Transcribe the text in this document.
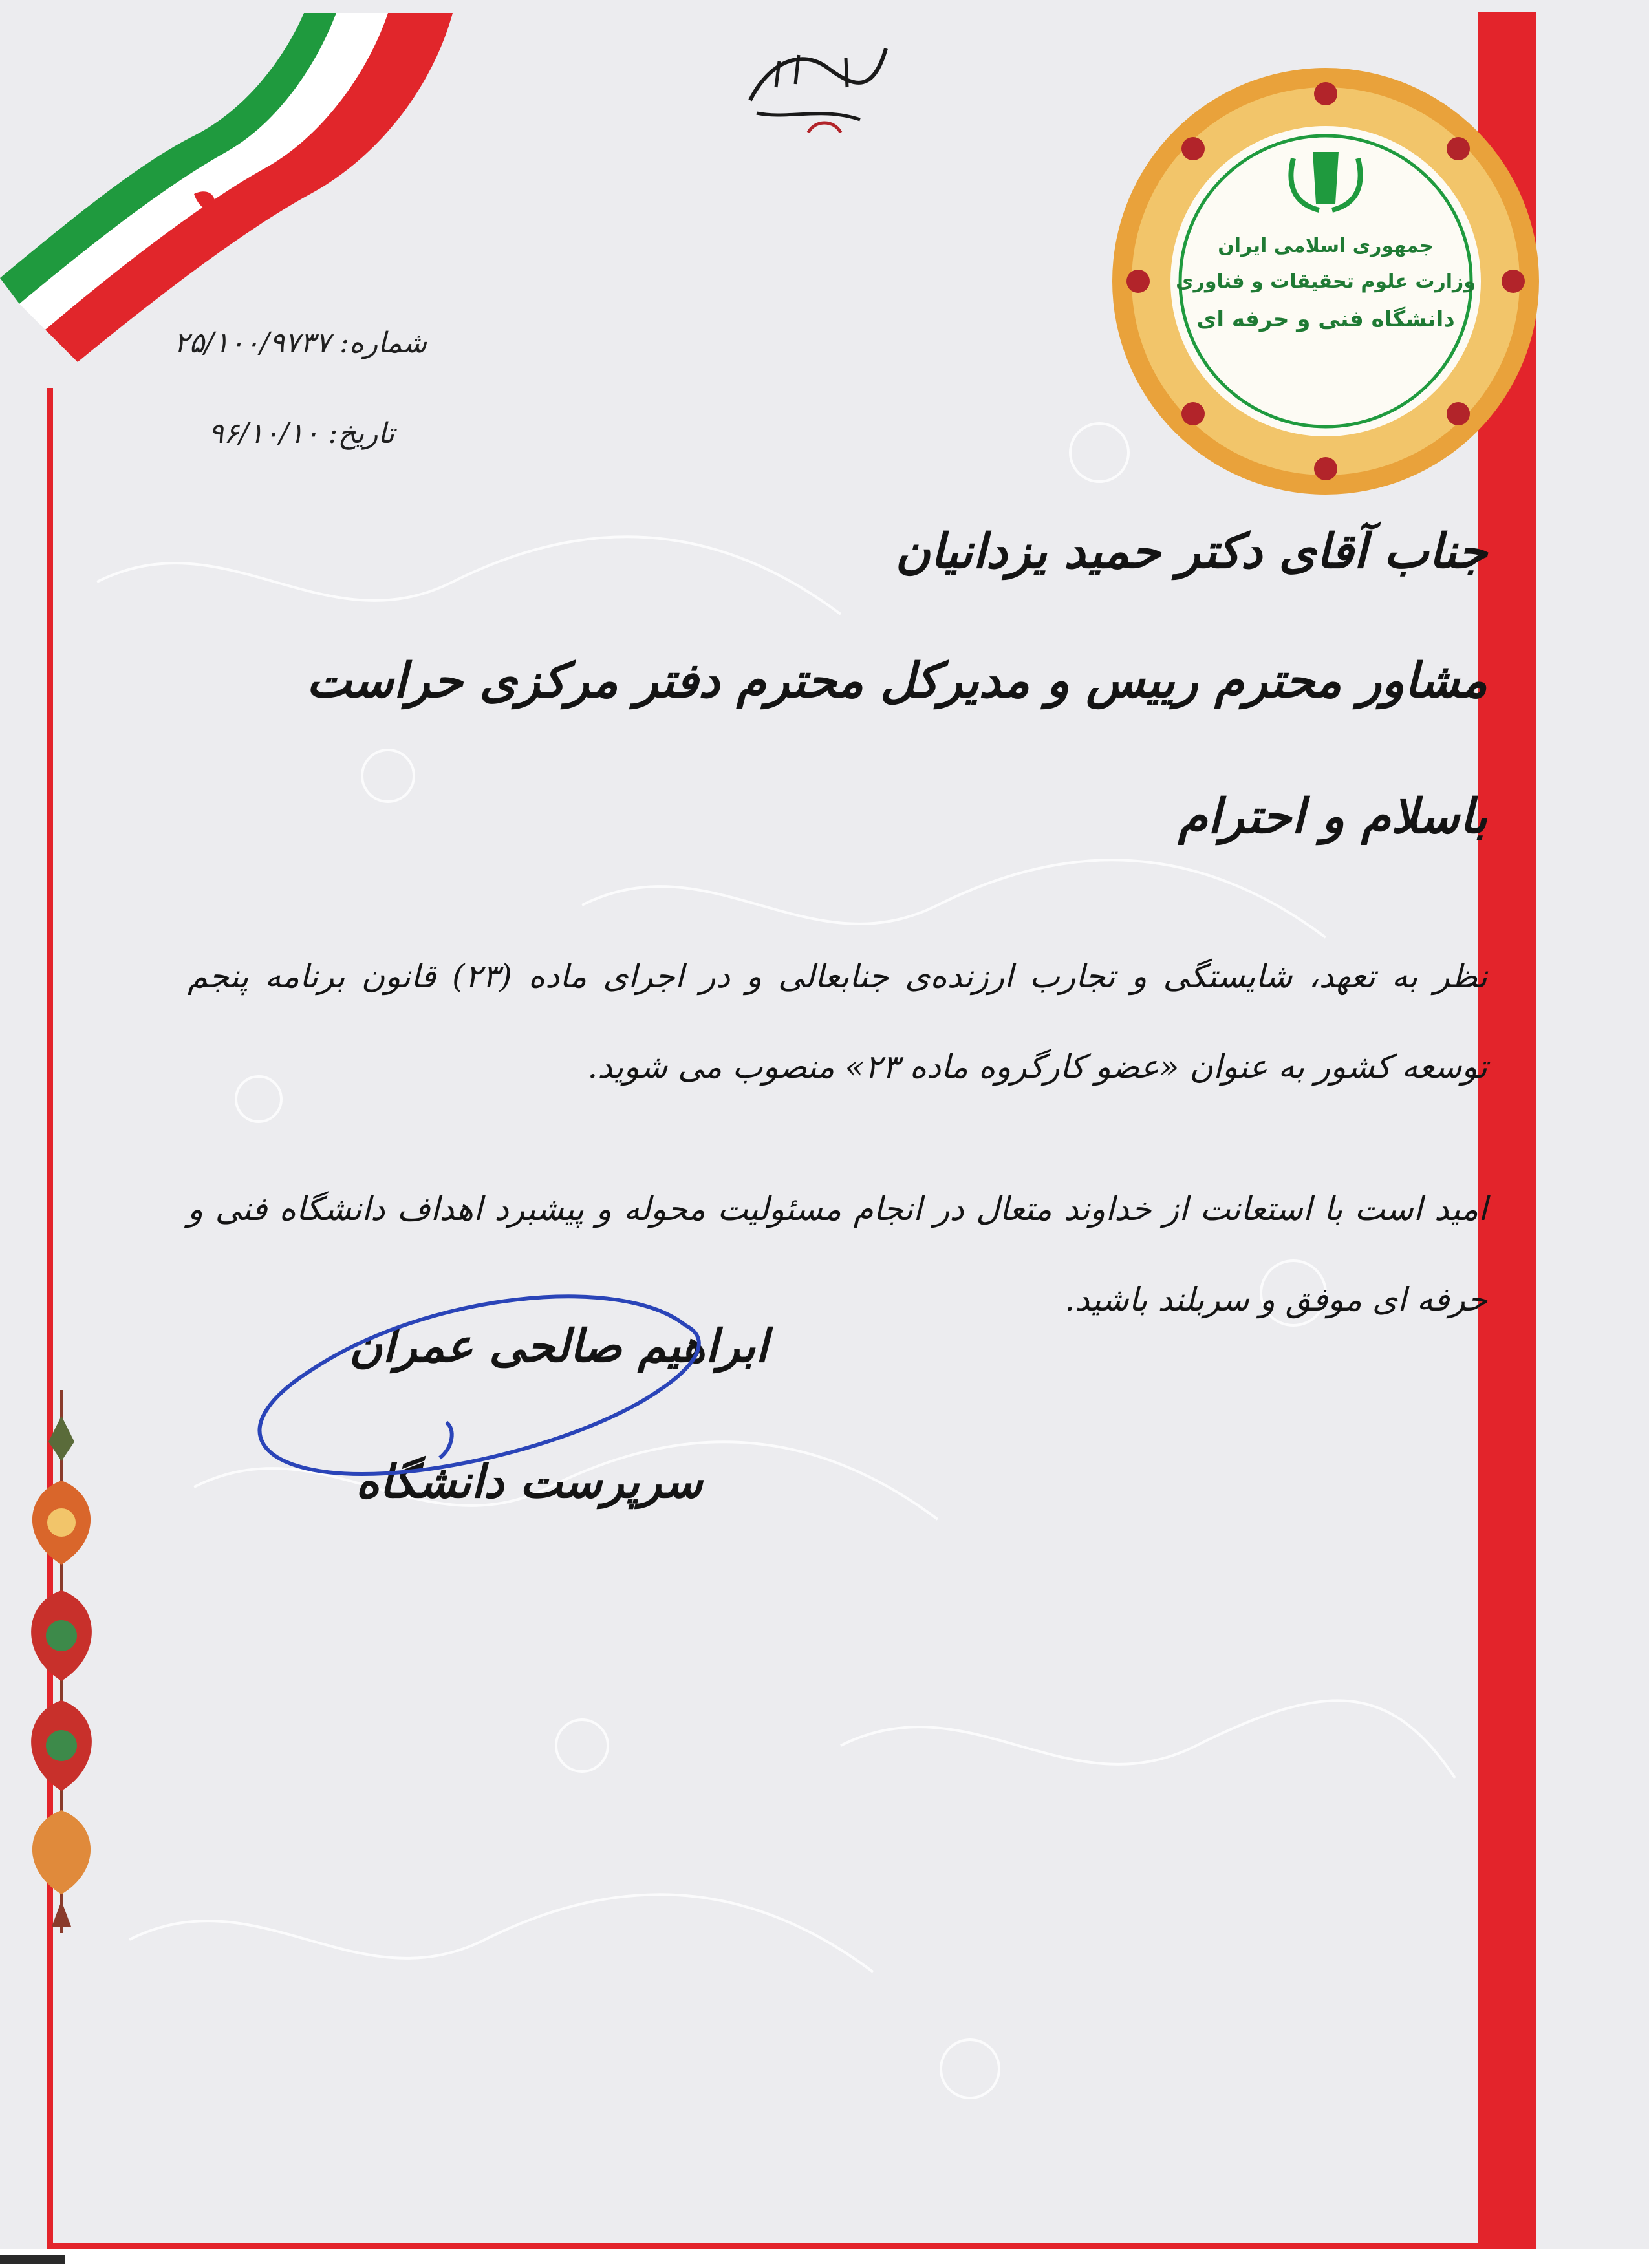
جمهوری اسلامی ایران
وزارت علوم تحقیقات و فناوری
دانشگاه فنی و حرفه ای
شماره: ۲۵/۱۰۰/۹۷۳۷
تاریخ: ۹۶/۱۰/۱۰
جناب آقای دکتر حمید یزدانیان
مشاور محترم رییس و مدیرکل محترم دفتر مرکزی حراست
باسلام و احترام
نظر به تعهد، شایستگی و تجارب ارزنده‌ی جنابعالی و در اجرای ماده (۲۳) قانون برنامه پنجم توسعه کشور به عنوان «عضو کارگروه ماده ۲۳» منصوب می شوید.
امید است با استعانت از خداوند متعال در انجام مسئولیت محوله و پیشبرد اهداف دانشگاه فنی و حرفه ای موفق و سربلند باشید.
ابراهیم صالحی عمران
سرپرست دانشگاه
